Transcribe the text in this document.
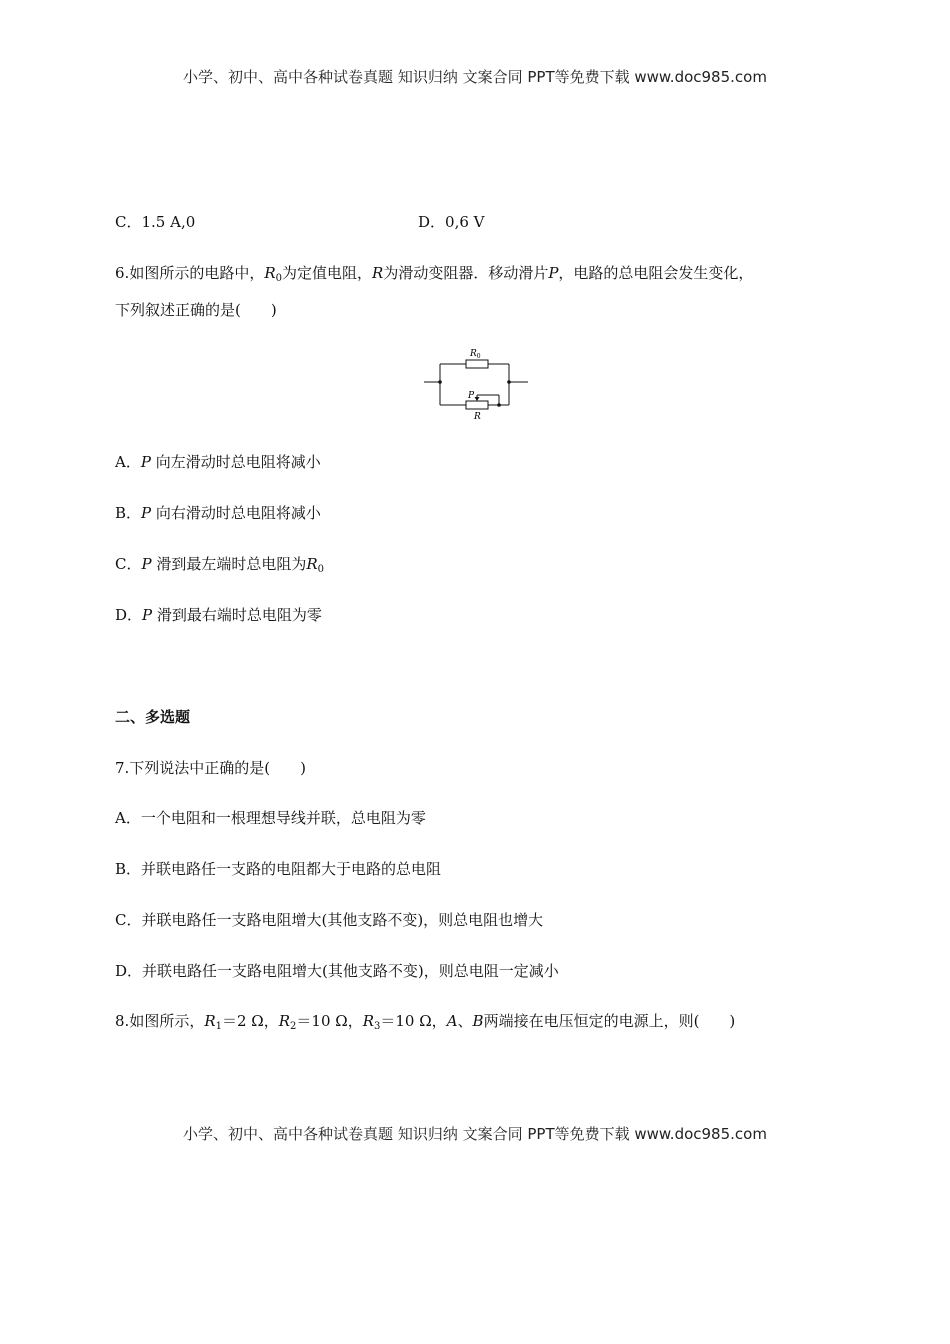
小学、初中、高中各种试卷真题 知识归纳 文案合同 PPT等免费下载 www.doc985.com
C．1.5 A,0	D．0,6 V
6.如图所示的电路中，$R_0$为定值电阻，R为滑动变阻器．移动滑片P，电路的总电阻会发生变化，
下列叙述正确的是(　　)
$R_0$
P
R
A．P 向左滑动时总电阻将减小
B．P 向右滑动时总电阻将减小
C．P 滑到最左端时总电阻为$R_0$
D．P 滑到最右端时总电阻为零
二、多选题
7.下列说法中正确的是(　　)
A．一个电阻和一根理想导线并联，总电阻为零
B．并联电路任一支路的电阻都大于电路的总电阻
C．并联电路任一支路电阻增大(其他支路不变)，则总电阻也增大
D．并联电路任一支路电阻增大(其他支路不变)，则总电阻一定减小
8.如图所示，$R_1=2$ Ω，$R_2=10$ Ω，$R_3=10$ Ω，A、B两端接在电压恒定的电源上，则(　　)
小学、初中、高中各种试卷真题 知识归纳 文案合同 PPT等免费下载 www.doc985.com
